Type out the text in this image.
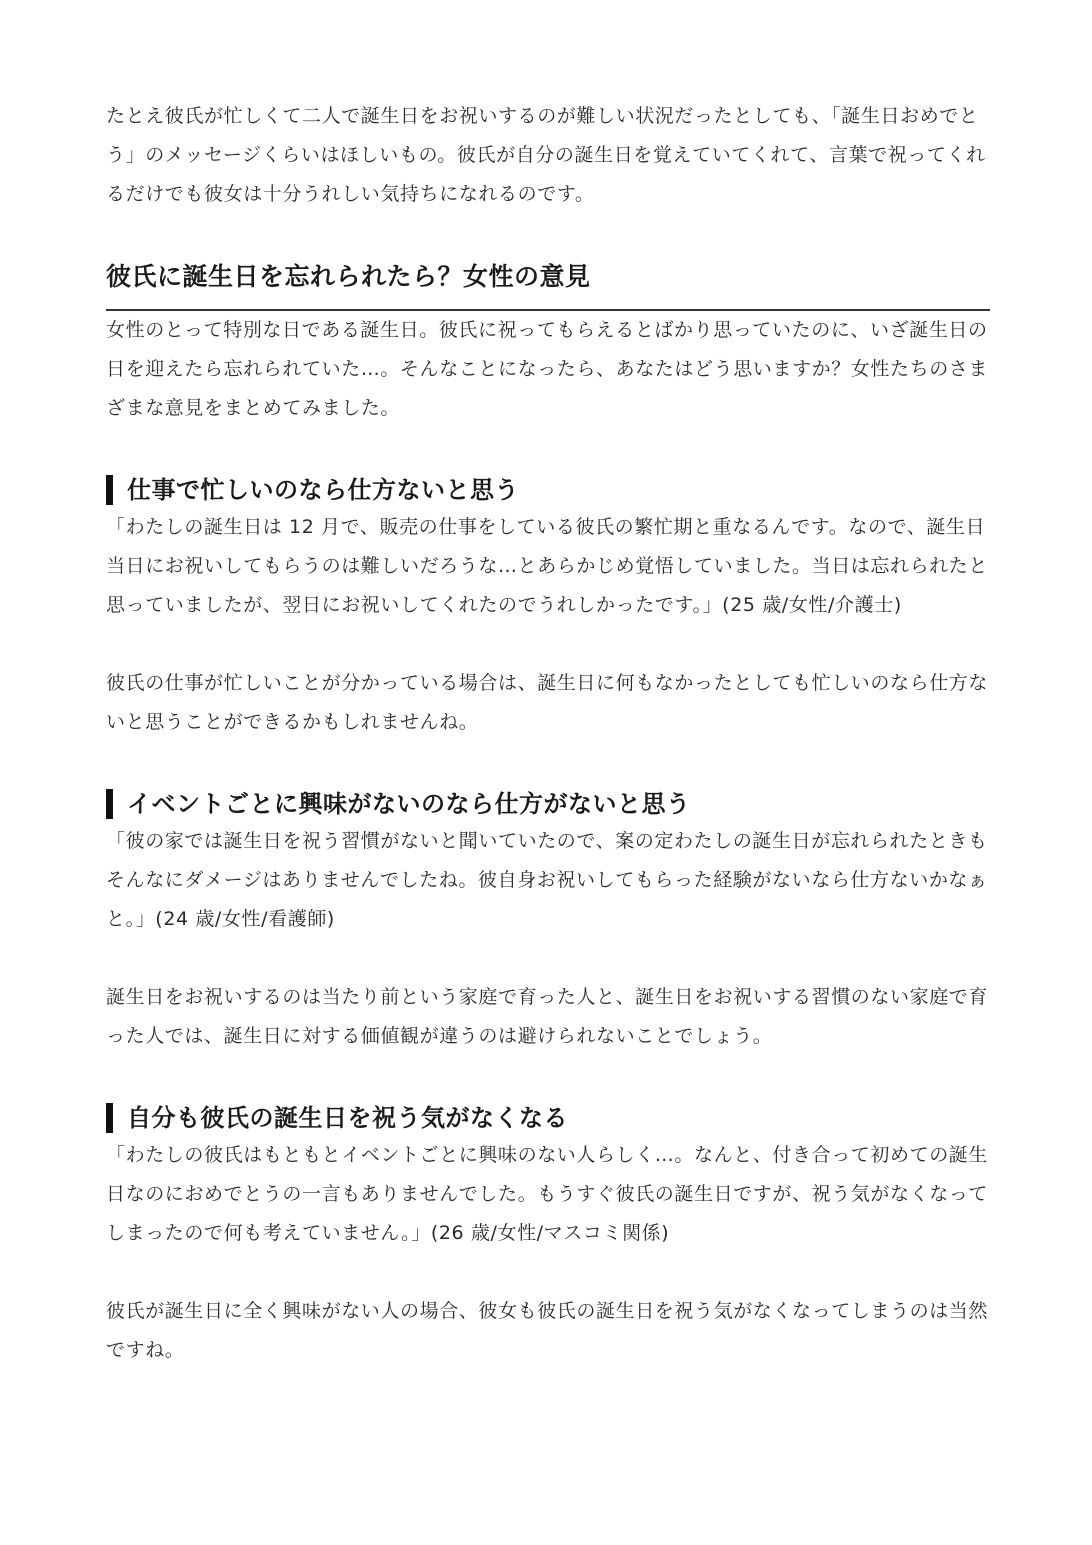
たとえ彼氏が忙しくて二人で誕生日をお祝いするのが難しい状況だったとしても、「誕生日おめでとう」のメッセージくらいはほしいもの。彼氏が自分の誕生日を覚えていてくれて、言葉で祝ってくれるだけでも彼女は十分うれしい気持ちになれるのです。

彼氏に誕生日を忘れられたら？女性の意見

女性のとって特別な日である誕生日。彼氏に祝ってもらえるとばかり思っていたのに、いざ誕生日の日を迎えたら忘れられていた…。そんなことになったら、あなたはどう思いますか？女性たちのさまざまな意見をまとめてみました。

仕事で忙しいのなら仕方ないと思う

「わたしの誕生日は 12 月で、販売の仕事をしている彼氏の繁忙期と重なるんです。なので、誕生日当日にお祝いしてもらうのは難しいだろうな…とあらかじめ覚悟していました。当日は忘れられたと思っていましたが、翌日にお祝いしてくれたのでうれしかったです。」(25 歳/女性/介護士)

彼氏の仕事が忙しいことが分かっている場合は、誕生日に何もなかったとしても忙しいのなら仕方ないと思うことができるかもしれませんね。

イベントごとに興味がないのなら仕方がないと思う

「彼の家では誕生日を祝う習慣がないと聞いていたので、案の定わたしの誕生日が忘れられたときもそんなにダメージはありませんでしたね。彼自身お祝いしてもらった経験がないなら仕方ないかなぁと。」(24 歳/女性/看護師)

誕生日をお祝いするのは当たり前という家庭で育った人と、誕生日をお祝いする習慣のない家庭で育った人では、誕生日に対する価値観が違うのは避けられないことでしょう。

自分も彼氏の誕生日を祝う気がなくなる

「わたしの彼氏はもともとイベントごとに興味のない人らしく…。なんと、付き合って初めての誕生日なのにおめでとうの一言もありませんでした。もうすぐ彼氏の誕生日ですが、祝う気がなくなってしまったので何も考えていません。」(26 歳/女性/マスコミ関係)

彼氏が誕生日に全く興味がない人の場合、彼女も彼氏の誕生日を祝う気がなくなってしまうのは当然ですね。
